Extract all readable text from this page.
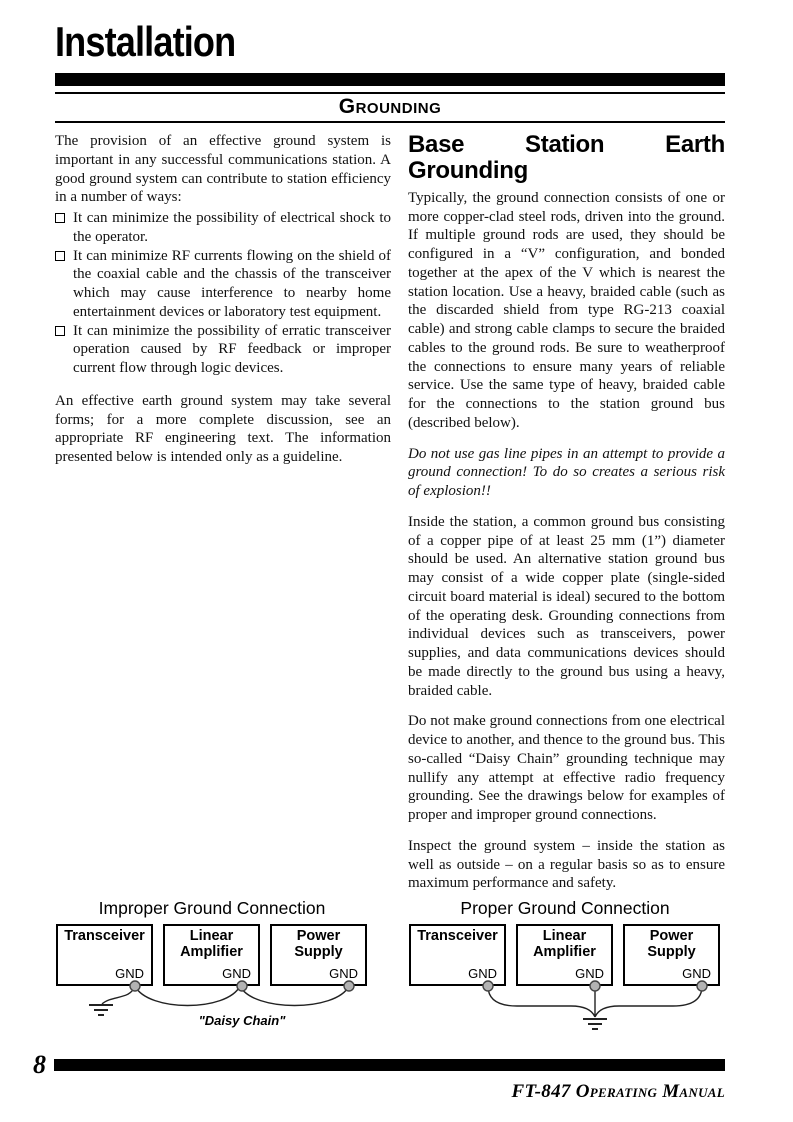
Installation
Grounding

The provision of an effective ground system is important in any successful communications station. A good ground system can contribute to station efficiency in a number of ways:

It can minimize the possibility of electrical shock to the operator.
It can minimize RF currents flowing on the shield of the coaxial cable and the chassis of the transceiver which may cause interference to nearby home entertainment devices or laboratory test equipment.
It can minimize the possibility of erratic transceiver operation caused by RF feedback or improper current flow through logic devices.

An effective earth ground system may take several forms; for a more complete discussion, see an appropriate RF engineering text. The information presented below is intended only as a guideline.

Base Station Earth Grounding

Typically, the ground connection consists of one or more copper-clad steel rods, driven into the ground. If multiple ground rods are used, they should be configured in a “V” configuration, and bonded together at the apex of the V which is nearest the station location. Use a heavy, braided cable (such as the discarded shield from type RG-213 coaxial cable) and strong cable clamps to secure the braided cables to the ground rods. Be sure to weatherproof the connections to ensure many years of reliable service. Use the same type of heavy, braided cable for the connections to the station ground bus (described below).

Do not use gas line pipes in an attempt to provide a ground connection! To do so creates a serious risk of explosion!!

Inside the station, a common ground bus consisting of a copper pipe of at least 25 mm (1”) diameter should be used. An alternative station ground bus may consist of a wide copper plate (single-sided circuit board material is ideal) secured to the bottom of the operating desk. Grounding connections from individual devices such as transceivers, power supplies, and data communications devices should be made directly to the ground bus using a heavy, braided cable.

Do not make ground connections from one electrical device to another, and thence to the ground bus. This so-called “Daisy Chain” grounding technique may nullify any attempt at effective radio frequency grounding. See the drawings below for examples of proper and improper ground connections.

Inspect the ground system – inside the station as well as outside – on a regular basis so as to ensure maximum performance and safety.

Improper Ground Connection
Transceiver
GND
Linear Amplifier
GND
Power Supply
GND
"Daisy Chain"
Proper Ground Connection
Transceiver
GND
Linear Amplifier
GND
Power Supply
GND
8
FT-847 Operating Manual
